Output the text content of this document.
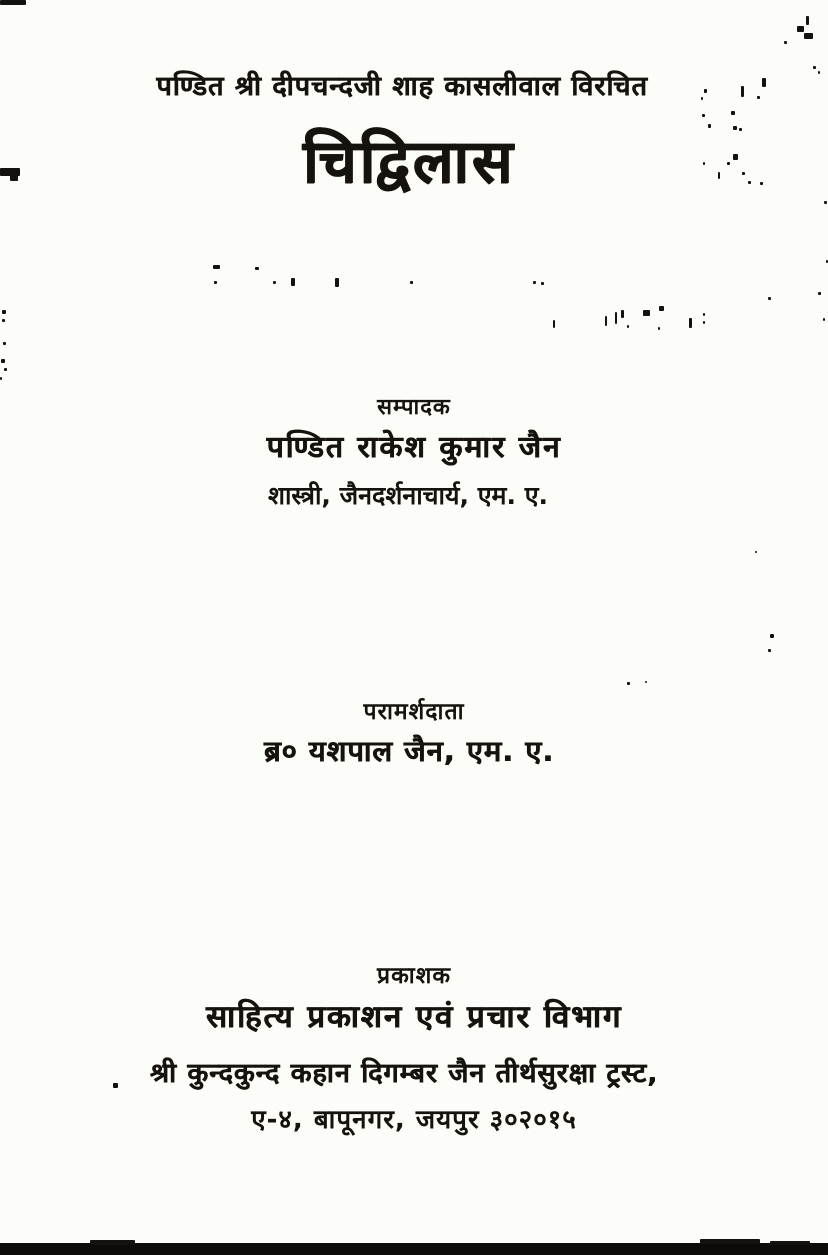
पण्डित श्री दीपचन्दजी शाह कासलीवाल विरचित
चिद्विलास
सम्पादक
पण्डित राकेश कुमार जैन
शास्त्री, जैनदर्शनाचार्य, एम. ए.
परामर्शदाता
ब्र० यशपाल जैन, एम. ए.
प्रकाशक
साहित्य प्रकाशन एवं प्रचार विभाग
श्री कुन्दकुन्द कहान दिगम्बर जैन तीर्थसुरक्षा ट्रस्ट,
ए-४, बापूनगर, जयपुर ३०२०१५
